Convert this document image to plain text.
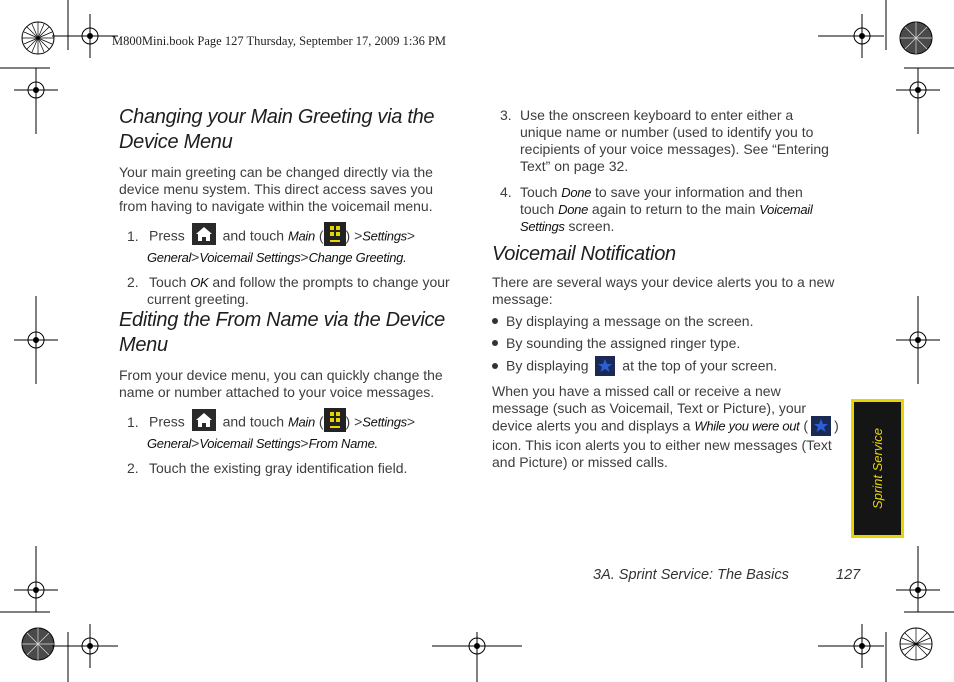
M800Mini.book Page 127 Thursday, September 17, 2009 1:36 PM
Changing your Main Greeting via the
Device Menu

Your main greeting can be changed directly via the
device menu system. This direct access saves you
from having to navigate within the voicemail menu.

1. Press	and touch Main ( ) >Settings>
General>Voicemail Settings>Change Greeting.
2. Touch OK and follow the prompts to change your
current greeting.
Editing the From Name via the Device
Menu

From your device menu, you can quickly change the
name or number attached to your voice messages.

1. Press	and touch Main ( ) >Settings>
General>Voicemail Settings>From Name.
2. Touch the existing gray identification field.
3. Use the onscreen keyboard to enter either a
unique name or number (used to identify you to
recipients of your voice messages). See “Entering
Text” on page 32.
4. Touch Done to save your information and then
touch Done again to return to the main Voicemail
Settings screen.
Voicemail Notification

There are several ways your device alerts you to a new
message:

By displaying a message on the screen.
By sounding the assigned ringer type.
By displaying at the top of your screen.

When you have a missed call or receive a new
message (such as Voicemail, Text or Picture), your
device alerts you and displays a While you were out ( )
icon. This icon alerts you to either new messages (Text
and Picture) or missed calls.	Sprint Service
3A. Sprint Service: The Basics	127
